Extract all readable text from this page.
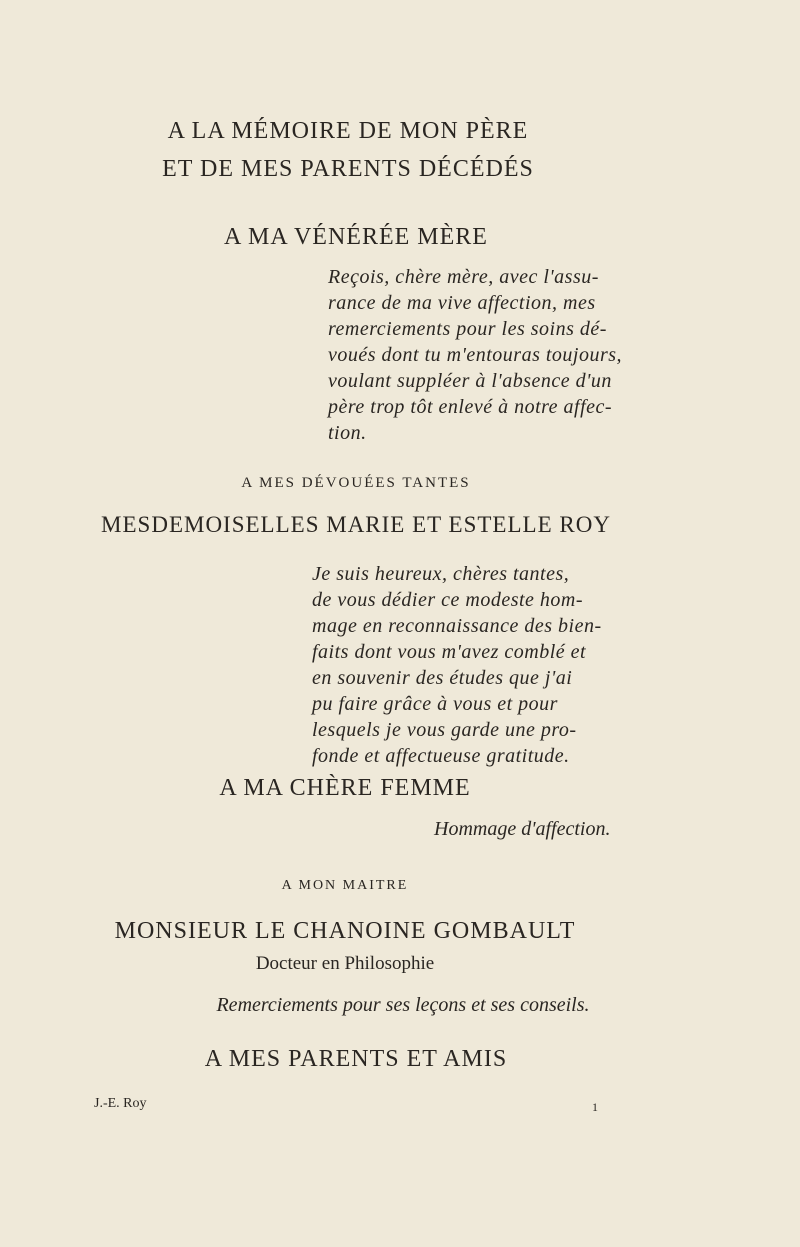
A LA MÉMOIRE DE MON PÈRE
ET DE MES PARENTS DÉCÉDÉS
A MA VÉNÉRÉE MÈRE
Reçois, chère mère, avec l'assu-
rance de ma vive affection, mes
remerciements pour les soins dé-
voués dont tu m'entouras toujours,
voulant suppléer à l'absence d'un
père trop tôt enlevé à notre affec-
tion.
A MES DÉVOUÉES TANTES
MESDEMOISELLES MARIE ET ESTELLE ROY
Je suis heureux, chères tantes,
de vous dédier ce modeste hom-
mage en reconnaissance des bien-
faits dont vous m'avez comblé et
en souvenir des études que j'ai
pu faire grâce à vous et pour
lesquels je vous garde une pro-
fonde et affectueuse gratitude.
A MA CHÈRE FEMME
Hommage d'affection.
A MON MAITRE
MONSIEUR LE CHANOINE GOMBAULT
Docteur en Philosophie
Remerciements pour ses leçons et ses conseils.
A MES PARENTS ET AMIS
J.-E. Roy	1
